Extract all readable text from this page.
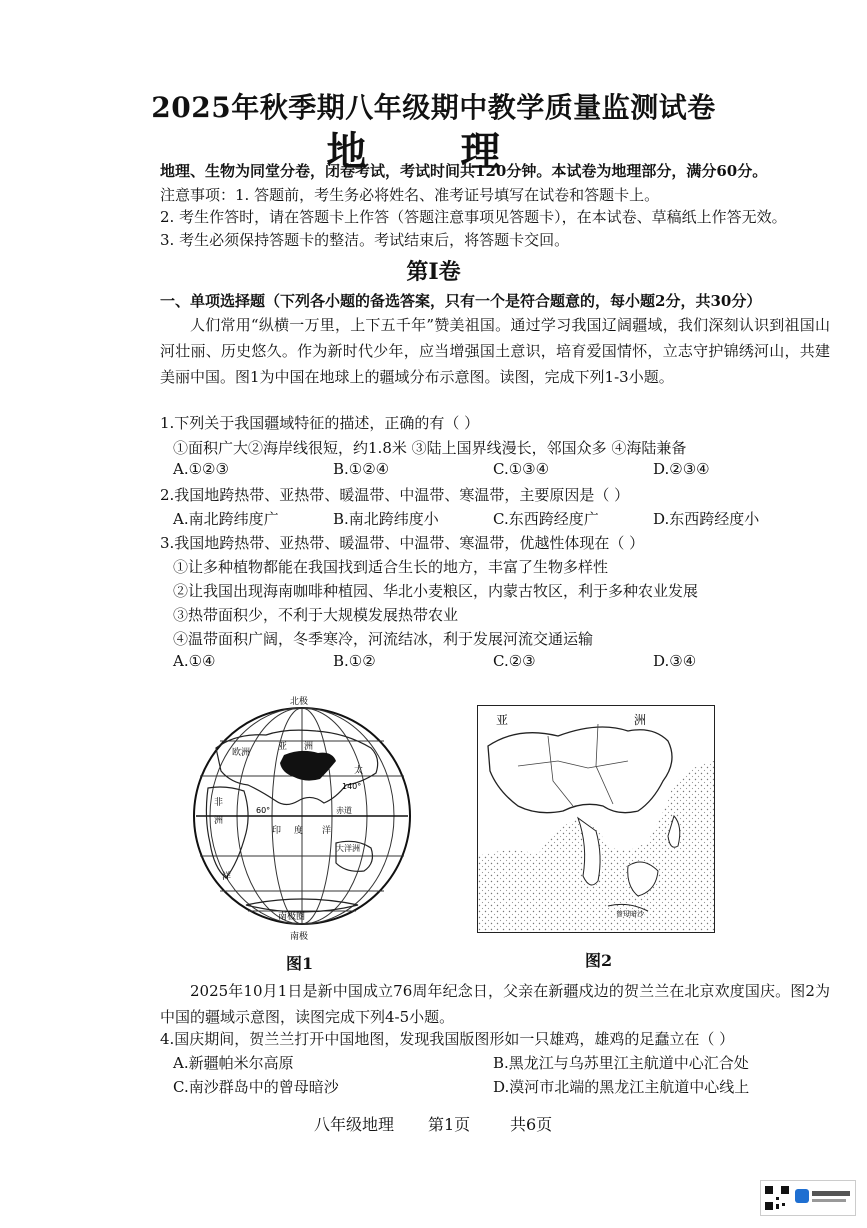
2025年秋季期八年级期中教学质量监测试卷
地 理
地理、生物为同堂分卷，闭卷考试，考试时间共120分钟。本试卷为地理部分，满分60分。
注意事项：1. 答题前，考生务必将姓名、准考证号填写在试卷和答题卡上。
2. 考生作答时，请在答题卡上作答（答题注意事项见答题卡），在本试卷、草稿纸上作答无效。
3. 考生必须保持答题卡的整洁。考试结束后，将答题卡交回。
第Ⅰ卷
一、单项选择题（下列各小题的备选答案，只有一个是符合题意的，每小题2分，共30分）
人们常用“纵横一万里，上下五千年”赞美祖国。通过学习我国辽阔疆域，我们深刻认识到祖国山河壮丽、历史悠久。作为新时代少年，应当增强国土意识，培育爱国情怀，立志守护锦绣河山，共建美丽中国。图1为中国在地球上的疆域分布示意图。读图，完成下列1-3小题。
1.下列关于我国疆域特征的描述，正确的有（ ）
①面积广大②海岸线很短，约1.8米 ③陆上国界线漫长，邻国众多 ④海陆兼备
A.①②③	B.①②④	C.①③④	D.②③④
2.我国地跨热带、亚热带、暖温带、中温带、寒温带，主要原因是（ ）
A.南北跨纬度广	B.南北跨纬度小	C.东西跨经度广	D.东西跨经度小
3.我国地跨热带、亚热带、暖温带、中温带、寒温带，优越性体现在（ ）
①让多种植物都能在我国找到适合生长的地方，丰富了生物多样性
②让我国出现海南咖啡种植园、华北小麦粮区，内蒙古牧区，利于多种农业发展
③热带面积少，不利于大规模发展热带农业
④温带面积广阔，冬季寒冷，河流结冰，利于发展河流交通运输
A.①④	B.①②	C.②③	D.③④
北极
南极
南极圈
欧洲
亚 洲
太
非
洲
印 度 洋
大洋洲
洋
赤道
60°
140°
亚	洲
曾母暗沙
图1	图2
2025年10月1日是新中国成立76周年纪念日，父亲在新疆戍边的贺兰兰在北京欢度国庆。图2为中国的疆域示意图，读图完成下列4-5小题。
4.国庆期间，贺兰兰打开中国地图，发现我国版图形如一只雄鸡，雄鸡的足蠢立在（ ）
A.新疆帕米尔高原	B.黑龙江与乌苏里江主航道中心汇合处
C.南沙群岛中的曾母暗沙	D.漠河市北端的黑龙江主航道中心线上
八年级地理 第1页 共6页
